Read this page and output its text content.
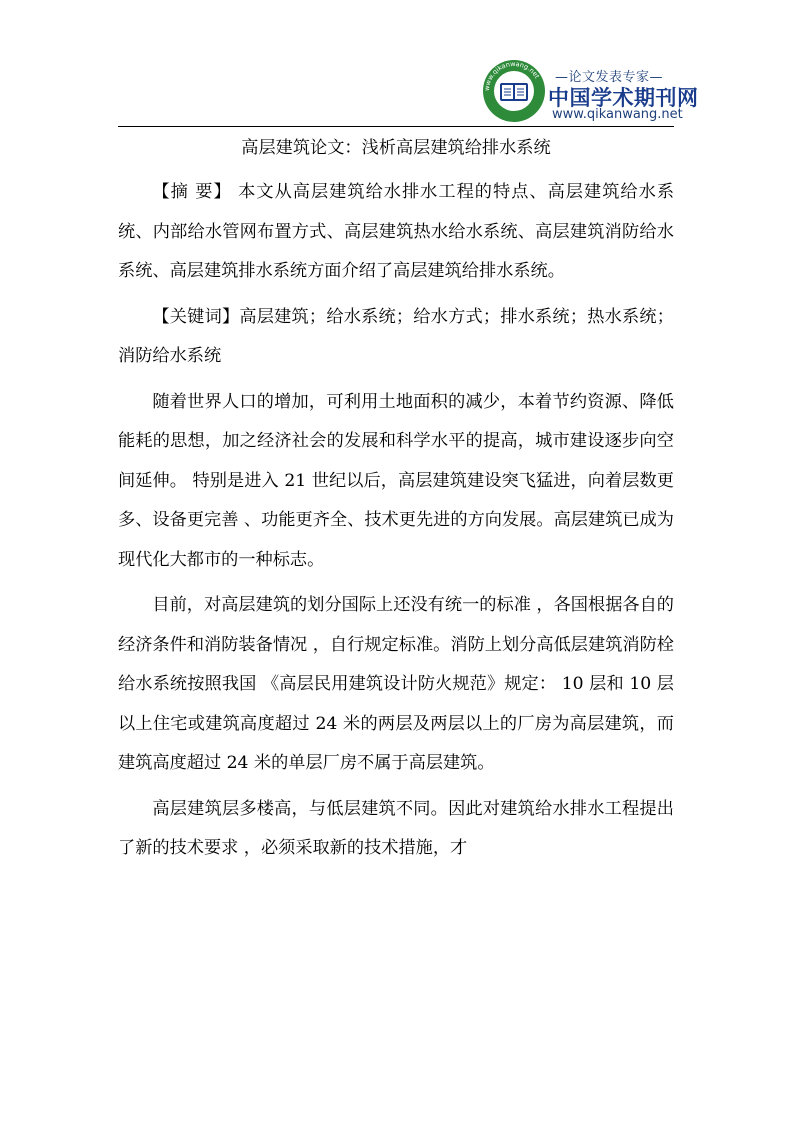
www.qikanwang.net —论文发表专家—
中国学术期刊网
www.qikanwang.net
高层建筑论文：浅析高层建筑给排水系统

【摘 要】 本文从高层建筑给水排水工程的特点、高层建筑给水系统、内部给水管网布置方式、高层建筑热水给水系统、高层建筑消防给水系统、高层建筑排水系统方面介绍了高层建筑给排水系统。

【关键词】高层建筑；给水系统；给水方式；排水系统；热水系统；消防给水系统

随着世界人口的增加，可利用土地面积的减少，本着节约资源、降低能耗的思想，加之经济社会的发展和科学水平的提高，城市建设逐步向空间延伸。 特别是进入 21 世纪以后，高层建筑建设突飞猛进，向着层数更多、设备更完善 、功能更齐全、技术更先进的方向发展。高层建筑已成为现代化大都市的一种标志。

目前，对高层建筑的划分国际上还没有统一的标准 ，各国根据各自的经济条件和消防装备情况 ，自行规定标准。消防上划分高低层建筑消防栓给水系统按照我国 《高层民用建筑设计防火规范》规定： 10 层和 10 层以上住宅或建筑高度超过 24 米的两层及两层以上的厂房为高层建筑，而建筑高度超过 24 米的单层厂房不属于高层建筑。

高层建筑层多楼高，与低层建筑不同。因此对建筑给水排水工程提出了新的技术要求 ，必须采取新的技术措施，才
